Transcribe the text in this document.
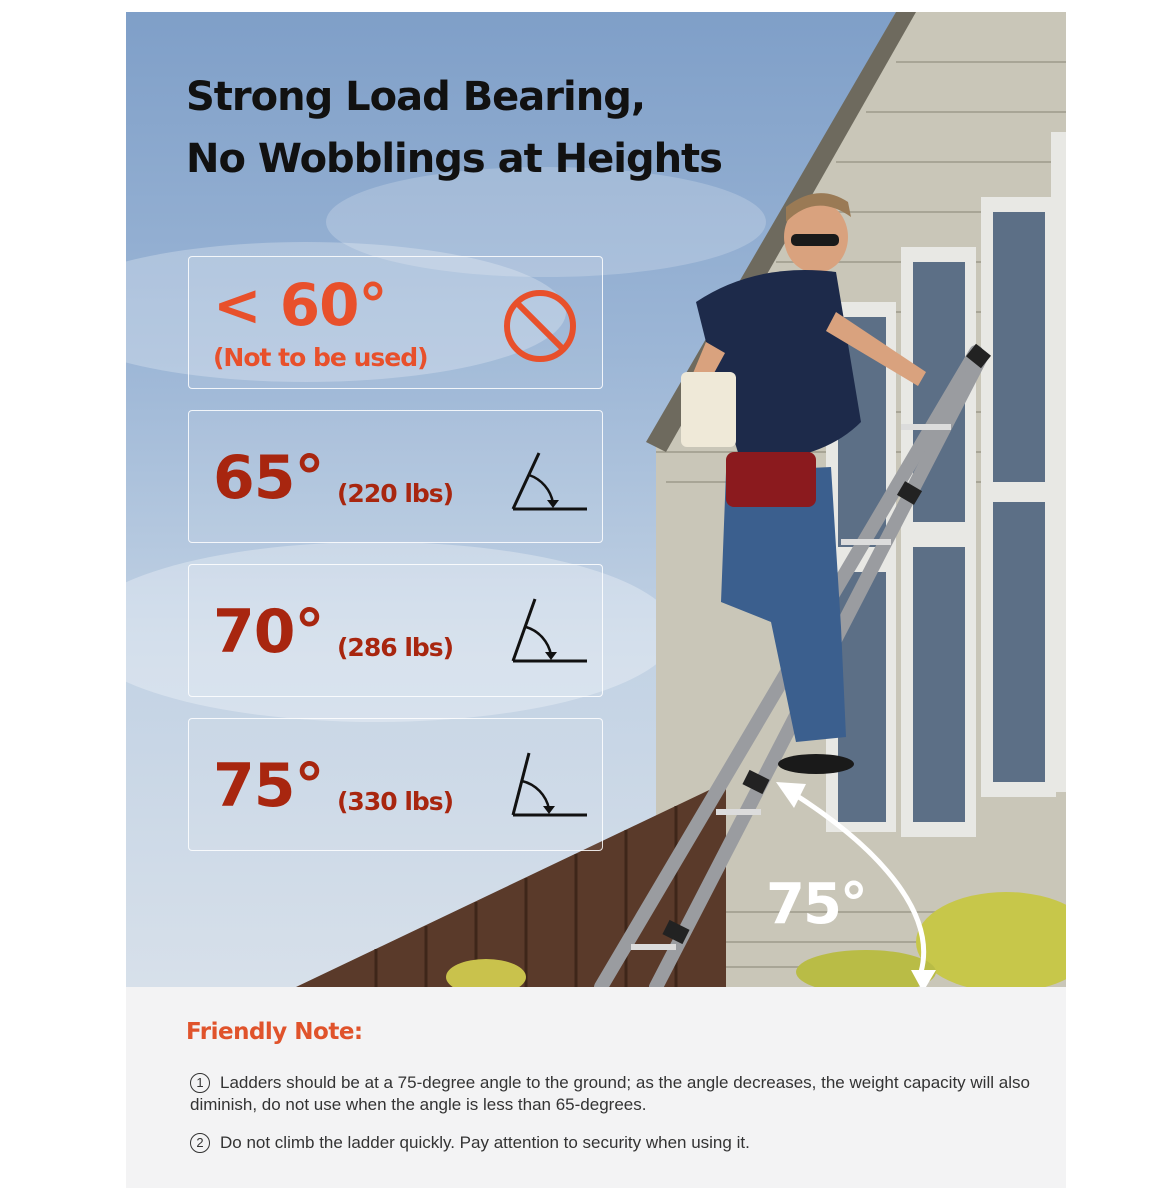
Strong Load Bearing,
No Wobblings at Heights
< 60°
(Not to be used)
65° (220 lbs)
70° (286 lbs)
75° (330 lbs)
75°
Friendly Note:

1 Ladders should be at a 75-degree angle to the ground; as the angle decreases, the weight capacity will also diminish, do not use when the angle is less than 65-degrees.

2 Do not climb the ladder quickly. Pay attention to security when using it.
